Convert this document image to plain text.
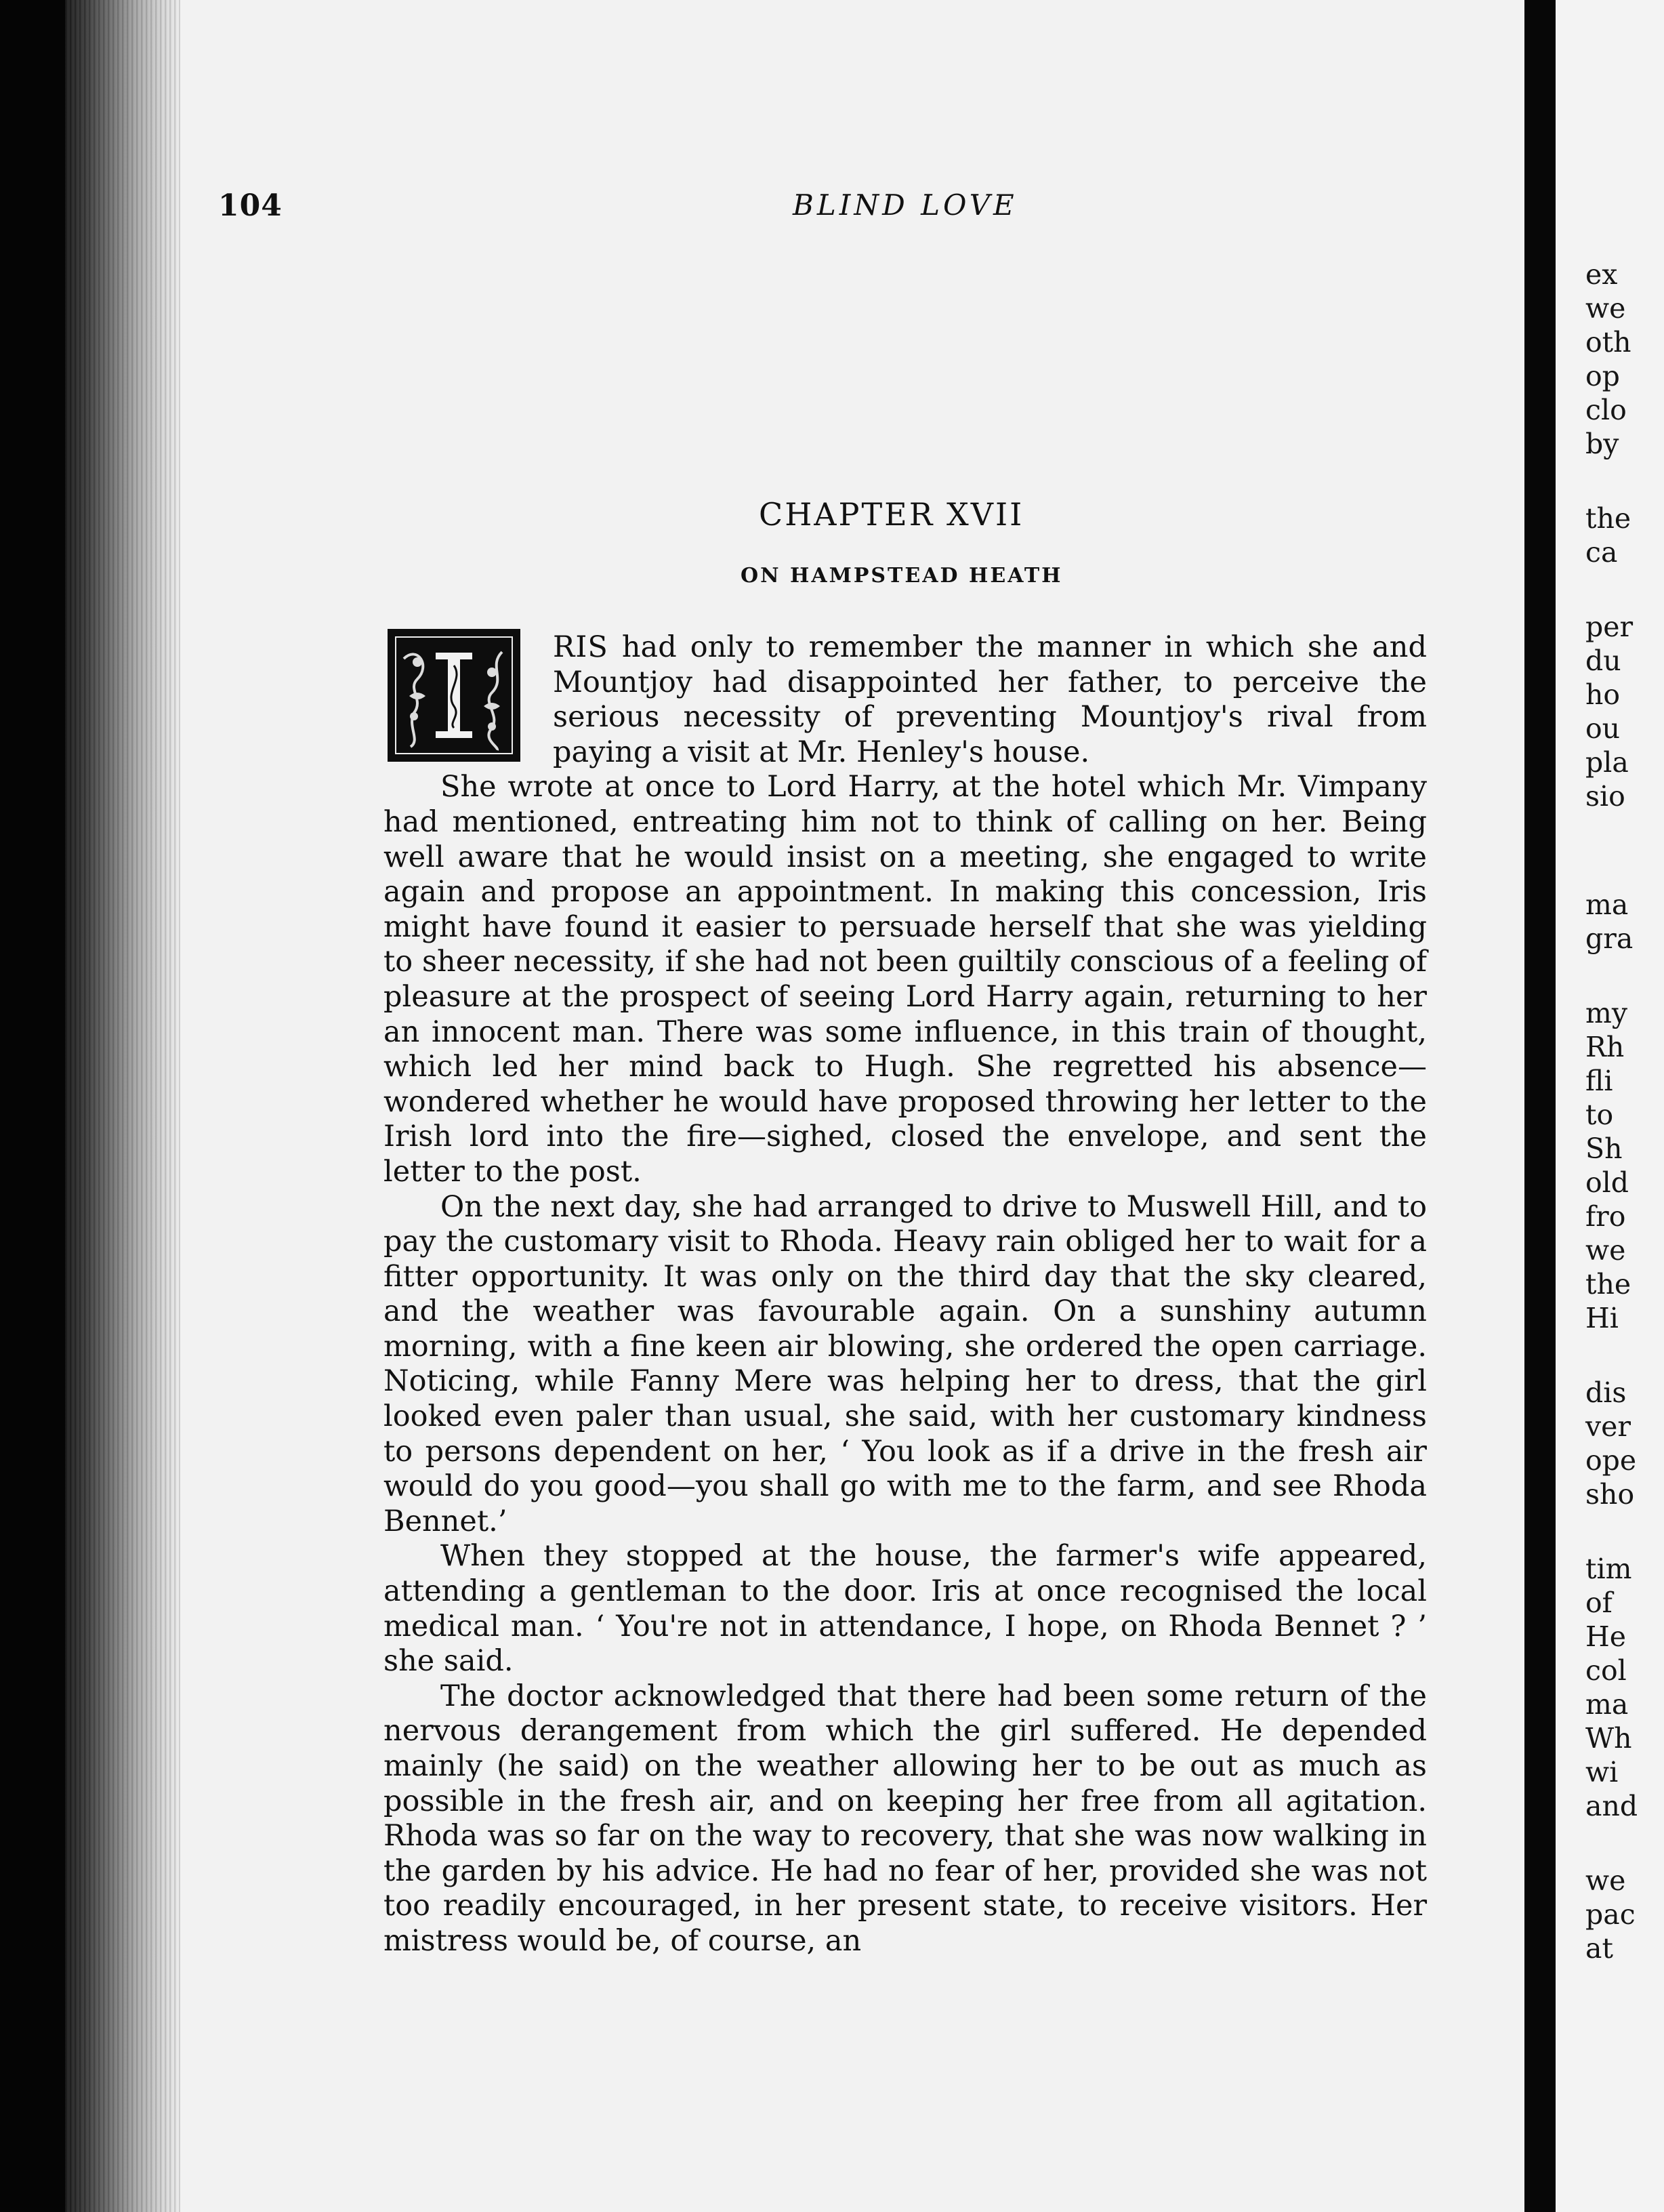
104	BLIND LOVE
CHAPTER XVII
ON HAMPSTEAD HEATH

RIS had only to remember the manner in which she and Mountjoy had disappointed her father, to perceive the serious necessity of preventing Mountjoy's rival from paying a visit at Mr. Henley's house.

She wrote at once to Lord Harry, at the hotel which Mr. Vimpany had mentioned, entreating him not to think of calling on her. Being well aware that he would insist on a meeting, she engaged to write again and propose an appointment. In making this concession, Iris might have found it easier to persuade herself that she was yielding to sheer necessity, if she had not been guiltily conscious of a feeling of pleasure at the prospect of seeing Lord Harry again, returning to her an innocent man. There was some influence, in this train of thought, which led her mind back to Hugh. She regretted his absence—wondered whether he would have proposed throwing her letter to the Irish lord into the fire—sighed, closed the envelope, and sent the letter to the post.

On the next day, she had arranged to drive to Muswell Hill, and to pay the customary visit to Rhoda. Heavy rain obliged her to wait for a fitter opportunity. It was only on the third day that the sky cleared, and the weather was favourable again. On a sunshiny autumn morning, with a fine keen air blowing, she ordered the open carriage. Noticing, while Fanny Mere was helping her to dress, that the girl looked even paler than usual, she said, with her customary kindness to persons dependent on her, ‘ You look as if a drive in the fresh air would do you good—you shall go with me to the farm, and see Rhoda Bennet.’

When they stopped at the house, the farmer's wife appeared, attending a gentleman to the door. Iris at once recognised the local medical man. ‘ You're not in attendance, I hope, on Rhoda Bennet ? ’ she said.

The doctor acknowledged that there had been some return of the nervous derangement from which the girl suffered. He depended mainly (he said) on the weather allowing her to be out as much as possible in the fresh air, and on keeping her free from all agitation. Rhoda was so far on the way to recovery, that she was now walking in the garden by his advice. He had no fear of her, provided she was not too readily encouraged, in her present state, to receive visitors. Her mistress would be, of course, an

ex

we

oth

op

clo

by

the

ca

per

du

ho

ou

pla

sio

ma

gra

my

Rh

fli

to

Sh

old

fro

we

the

Hi

dis

ver

ope

sho

tim

of

He

col

ma

Wh

wi

and

we

pac

at
